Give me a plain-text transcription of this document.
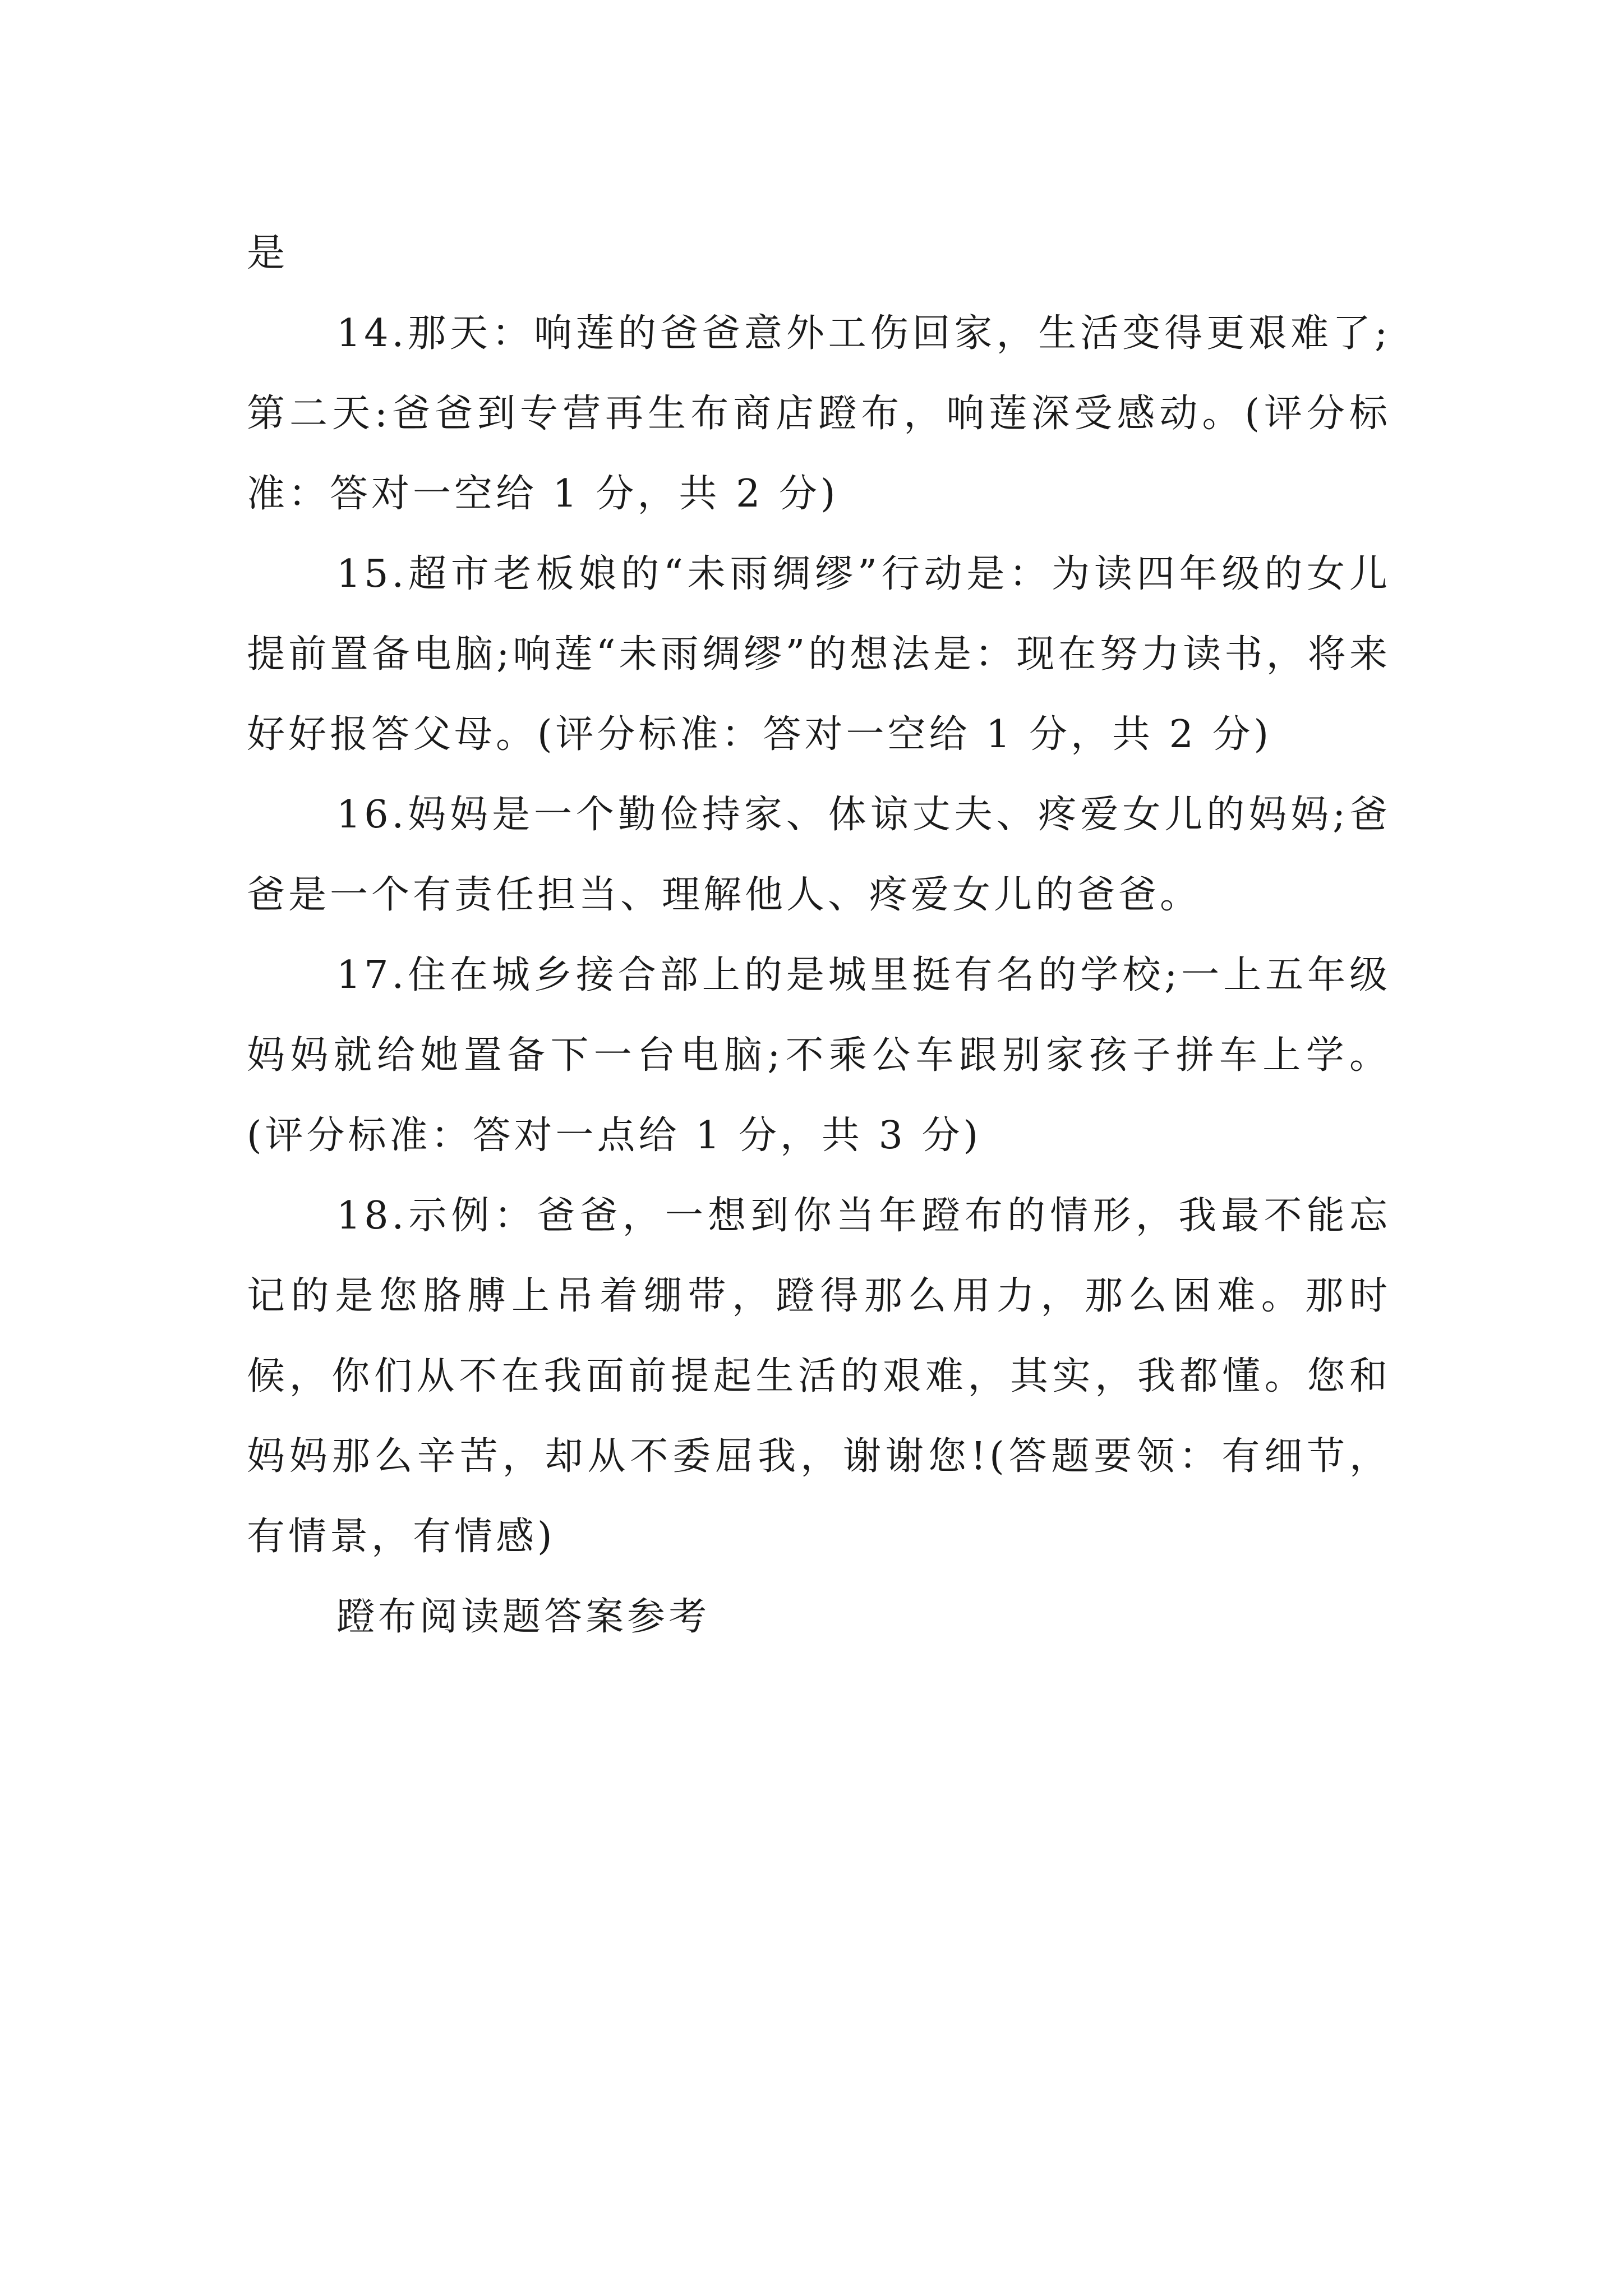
是

14.那天：响莲的爸爸意外工伤回家，生活变得更艰难了;第二天:爸爸到专营再生布商店蹬布，响莲深受感动。(评分标准：答对一空给 1 分，共 2 分)

15.超市老板娘的“未雨绸缪”行动是：为读四年级的女儿提前置备电脑;响莲“未雨绸缪”的想法是：现在努力读书，将来好好报答父母。(评分标准：答对一空给 1 分，共 2 分)

16.妈妈是一个勤俭持家、体谅丈夫、疼爱女儿的妈妈;爸爸是一个有责任担当、理解他人、疼爱女儿的爸爸。

17.住在城乡接合部上的是城里挺有名的学校;一上五年级妈妈就给她置备下一台电脑;不乘公车跟别家孩子拼车上学。(评分标准：答对一点给 1 分，共 3 分)

18.示例：爸爸，一想到你当年蹬布的情形，我最不能忘记的是您胳膊上吊着绷带，蹬得那么用力，那么困难。那时候，你们从不在我面前提起生活的艰难，其实，我都懂。您和妈妈那么辛苦，却从不委屈我，谢谢您!(答题要领：有细节，有情景，有情感)

蹬布阅读题答案参考
